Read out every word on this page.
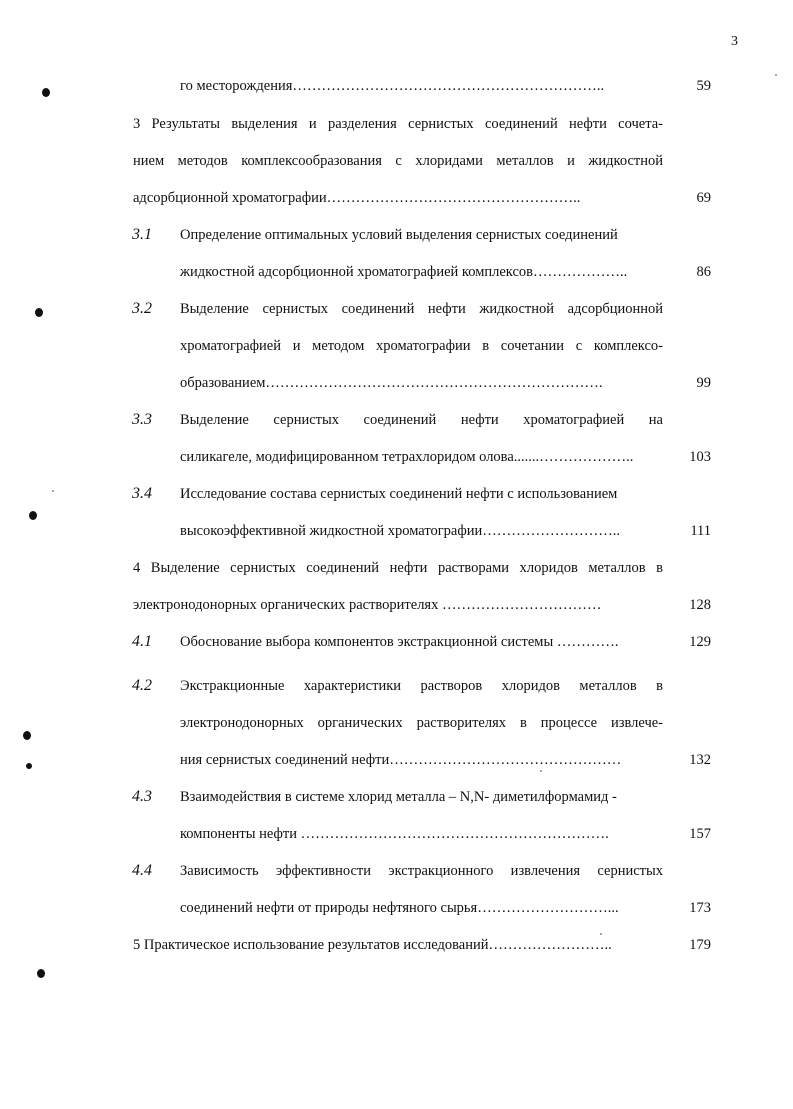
3
го месторождения………………………………………………………..	59
3 Результаты выделения и разделения сернистых соединений нефти сочета-
нием методов комплексообразования с хлоридами металлов и жидкостной
адсорбционной хроматографии……………………………………………..	69
3.1 Определение оптимальных условий выделения сернистых соединений
жидкостной адсорбционной хроматографией комплексов………………..	86
3.2 Выделение сернистых соединений нефти жидкостной адсорбционной
хроматографией и методом хроматографии в сочетании с комплексо-
образованием…………………………………………………………….	99
3.3 Выделение сернистых соединений нефти хроматографией на
силикагеле, модифицированном тетрахлоридом олова.......………………..	103
3.4 Исследование состава сернистых соединений нефти с использованием
высокоэффективной жидкостной хроматографии………………………..	111
4 Выделение сернистых соединений нефти растворами хлоридов металлов в
электронодонорных органических растворителях ……………………………	128
4.1 Обоснование выбора компонентов экстракционной системы ………….	129
4.2 Экстракционные характеристики растворов хлоридов металлов в
электронодонорных органических растворителях в процессе извлече-
ния сернистых соединений нефти…………………………………………	132
4.3 Взаимодействия в системе хлорид металла – N,N- диметилформамид -
компоненты нефти ……………………………………………………….	157
4.4 Зависимость эффективности экстракционного извлечения сернистых
соединений нефти от природы нефтяного сырья………………………...	173
5 Практическое использование результатов исследований……………………..	179
